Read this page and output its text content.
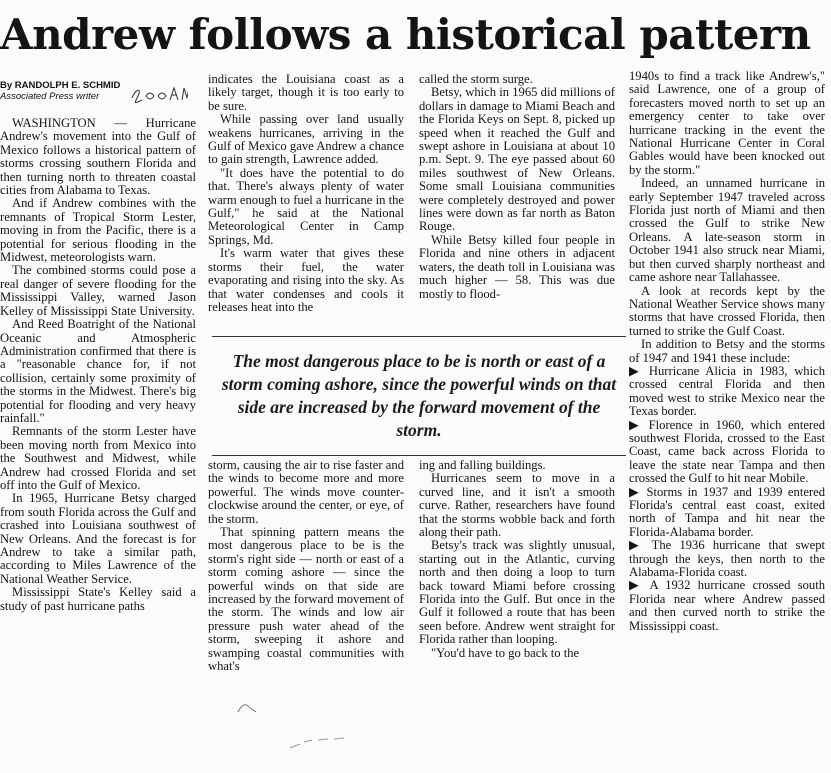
Andrew follows a historical pattern
By RANDOLPH E. SCHMID
Associated Press writer

WASHINGTON — Hurricane Andrew's movement into the Gulf of Mexico follows a historical pattern of storms crossing southern Florida and then turning north to threaten coastal cities from Alabama to Texas.

And if Andrew combines with the remnants of Tropical Storm Lester, moving in from the Pacific, there is a potential for serious flooding in the Midwest, meteorologists warn.

The combined storms could pose a real danger of severe flooding for the Mississippi Valley, warned Jason Kelley of Mississippi State University.

And Reed Boatright of the National Oceanic and Atmospheric Administration confirmed that there is a "reasonable chance for, if not collision, certainly some proximity of the storms in the Midwest. There's big potential for flooding and very heavy rainfall."

Remnants of the storm Lester have been moving north from Mexico into the Southwest and Midwest, while Andrew had crossed Florida and set off into the Gulf of Mexico.

In 1965, Hurricane Betsy charged from south Florida across the Gulf and crashed into Louisiana southwest of New Orleans. And the forecast is for Andrew to take a similar path, according to Miles Lawrence of the National Weather Service.

Mississippi State's Kelley said a study of past hurricane paths

indicates the Louisiana coast as a likely target, though it is too early to be sure.

While passing over land usually weakens hurricanes, arriving in the Gulf of Mexico gave Andrew a chance to gain strength, Lawrence added.

"It does have the potential to do that. There's always plenty of water warm enough to fuel a hurricane in the Gulf," he said at the National Meteorological Center in Camp Springs, Md.

It's warm water that gives these storms their fuel, the water evaporating and rising into the sky. As that water condenses and cools it releases heat into the

called the storm surge.

Betsy, which in 1965 did millions of dollars in damage to Miami Beach and the Florida Keys on Sept. 8, picked up speed when it reached the Gulf and swept ashore in Louisiana at about 10 p.m. Sept. 9. The eye passed about 60 miles southwest of New Orleans. Some small Louisiana communities were completely destroyed and power lines were down as far north as Baton Rouge.

While Betsy killed four people in Florida and nine others in adjacent waters, the death toll in Louisiana was much higher — 58. This was due mostly to flood-

The most dangerous place to be is north or east of a storm coming ashore, since the powerful winds on that side are increased by the forward movement of the storm.

storm, causing the air to rise faster and the winds to become more and more powerful. The winds move counter-clockwise around the center, or eye, of the storm.

That spinning pattern means the most dangerous place to be is the storm's right side — north or east of a storm coming ashore — since the powerful winds on that side are increased by the forward movement of the storm. The winds and low air pressure push water ahead of the storm, sweeping it ashore and swamping coastal communities with what's

ing and falling buildings.

Hurricanes seem to move in a curved line, and it isn't a smooth curve. Rather, researchers have found that the storms wobble back and forth along their path.

Betsy's track was slightly unusual, starting out in the Atlantic, curving north and then doing a loop to turn back toward Miami before crossing Florida into the Gulf. But once in the Gulf it followed a route that has been seen before. Andrew went straight for Florida rather than looping.

"You'd have to go back to the

1940s to find a track like Andrew's," said Lawrence, one of a group of forecasters moved north to set up an emergency center to take over hurricane tracking in the event the National Hurricane Center in Coral Gables would have been knocked out by the storm."

Indeed, an unnamed hurricane in early September 1947 traveled across Florida just north of Miami and then crossed the Gulf to strike New Orleans. A late-season storm in October 1941 also struck near Miami, but then curved sharply northeast and came ashore near Tallahassee.

A look at records kept by the National Weather Service shows many storms that have crossed Florida, then turned to strike the Gulf Coast.

In addition to Betsy and the storms of 1947 and 1941 these include:

▶ Hurricane Alicia in 1983, which crossed central Florida and then moved west to strike Mexico near the Texas border.

▶ Florence in 1960, which entered southwest Florida, crossed to the East Coast, came back across Florida to leave the state near Tampa and then crossed the Gulf to hit near Mobile.

▶ Storms in 1937 and 1939 entered Florida's central east coast, exited north of Tampa and hit near the Florida-Alabama border.

▶ The 1936 hurricane that swept through the keys, then north to the Alabama-Florida coast.

▶ A 1932 hurricane crossed south Florida near where Andrew passed and then curved north to strike the Mississippi coast.
